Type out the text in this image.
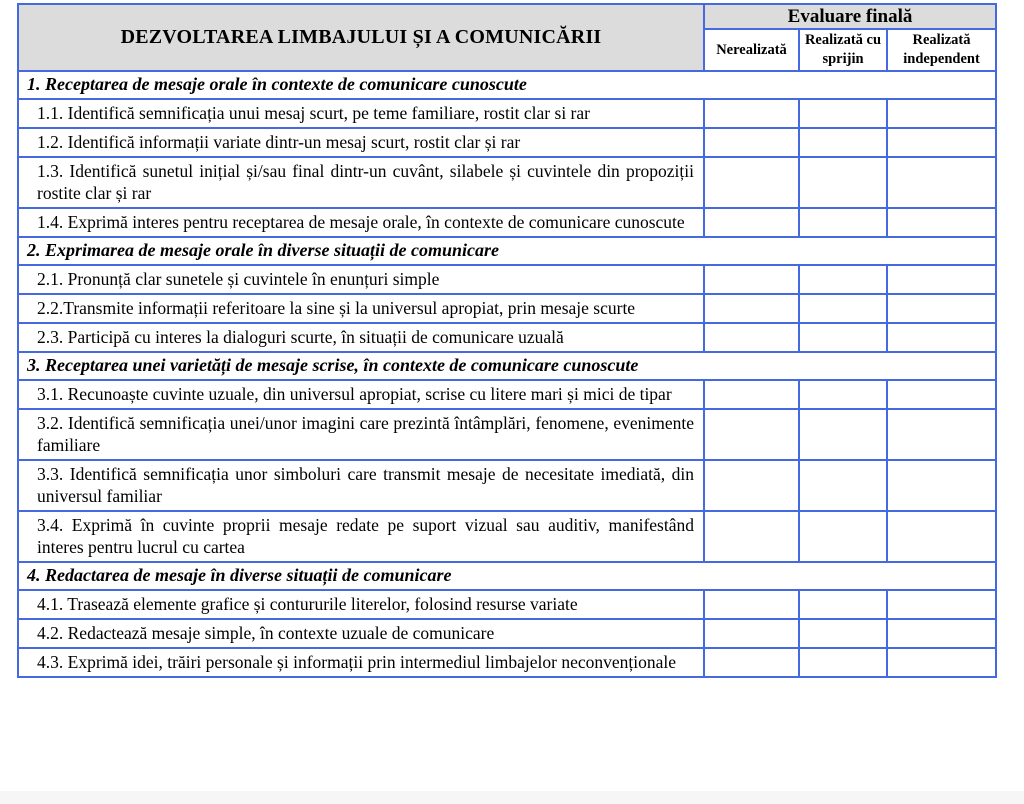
DEZVOLTAREA LIMBAJULUI ȘI A COMUNICĂRII	Evaluare finală		
	Nerealizată	Realizată cu sprijin	Realizată independent
1. Receptarea de mesaje orale în contexte de comunicare cunoscute			
1.1. Identifică semnificația unui mesaj scurt, pe teme familiare, rostit clar si rar			
1.2. Identifică informații variate dintr-un mesaj scurt, rostit clar și rar			
1.3. Identifică sunetul inițial și/sau final dintr-un cuvânt, silabele și cuvintele din propoziții rostite clar și rar			
1.4. Exprimă interes pentru receptarea de mesaje orale, în contexte de comunicare cunoscute			
2. Exprimarea de mesaje orale în diverse situații de comunicare			
2.1. Pronunță clar sunetele și cuvintele în enunțuri simple			
2.2.Transmite informații referitoare la sine și la universul apropiat, prin mesaje scurte			
2.3. Participă cu interes la dialoguri scurte, în situații de comunicare uzuală			
3. Receptarea unei varietăți de mesaje scrise, în contexte de comunicare cunoscute			
3.1. Recunoaște cuvinte uzuale, din universul apropiat, scrise cu litere mari și mici de tipar			
3.2. Identifică semnificația unei/unor imagini care prezintă întâmplări, fenomene, evenimente familiare			
3.3. Identifică semnificația unor simboluri care transmit mesaje de necesitate imediată, din universul familiar			
3.4. Exprimă în cuvinte proprii mesaje redate pe suport vizual sau auditiv, manifestând interes pentru lucrul cu cartea			
4. Redactarea de mesaje în diverse situații de comunicare			
4.1. Trasează elemente grafice și contururile literelor, folosind resurse variate			
4.2. Redactează mesaje simple, în contexte uzuale de comunicare			
4.3. Exprimă idei, trăiri personale și informații prin intermediul limbajelor neconvenționale			
